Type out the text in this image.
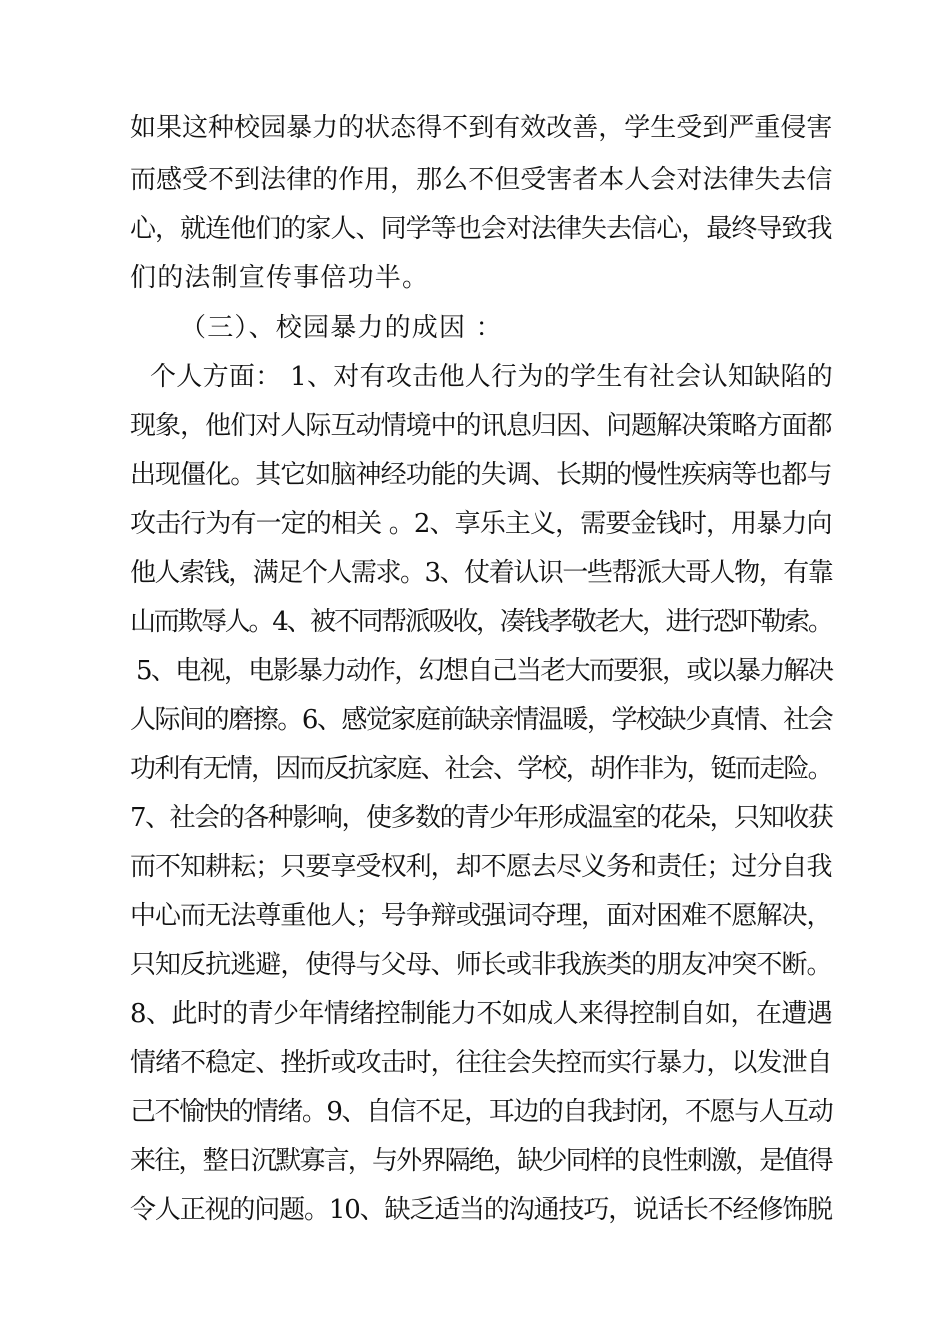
如果这种校园暴力的状态得不到有效改善，学生受到严重侵害
而感受不到法律的作用，那么不但受害者本人会对法律失去信
心，就连他们的家人、同学等也会对法律失去信心，最终导致我
们的法制宣传事倍功半。
（三）、校园暴力的成因 ：
个人方面： 1、对有攻击他人行为的学生有社会认知缺陷的
现象，他们对人际互动情境中的讯息归因、问题解决策略方面都
出现僵化。其它如脑神经功能的失调、长期的慢性疾病等也都与
攻击行为有一定的相关 。2、享乐主义，需要金钱时，用暴力向
他人索钱，满足个人需求。3、仗着认识一些帮派大哥人物，有靠
山而欺辱人。4、被不同帮派吸收，凑钱孝敬老大，进行恐吓勒索。
5、电视，电影暴力动作，幻想自己当老大而要狠，或以暴力解决
人际间的磨擦。6、感觉家庭前缺亲情温暖，学校缺少真情、社会
功利有无情，因而反抗家庭、社会、学校，胡作非为，铤而走险。
7、社会的各种影响，使多数的青少年形成温室的花朵，只知收获
而不知耕耘；只要享受权利，却不愿去尽义务和责任；过分自我
中心而无法尊重他人；号争辩或强词夺理，面对困难不愿解决，
只知反抗逃避，使得与父母、师长或非我族类的朋友冲突不断。
8、此时的青少年情绪控制能力不如成人来得控制自如，在遭遇
情绪不稳定、挫折或攻击时，往往会失控而实行暴力，以发泄自
己不愉快的情绪。9、自信不足，耳边的自我封闭，不愿与人互动
来往，整日沉默寡言，与外界隔绝，缺少同样的良性刺激，是值得
令人正视的问题。10、缺乏适当的沟通技巧，说话长不经修饰脱
